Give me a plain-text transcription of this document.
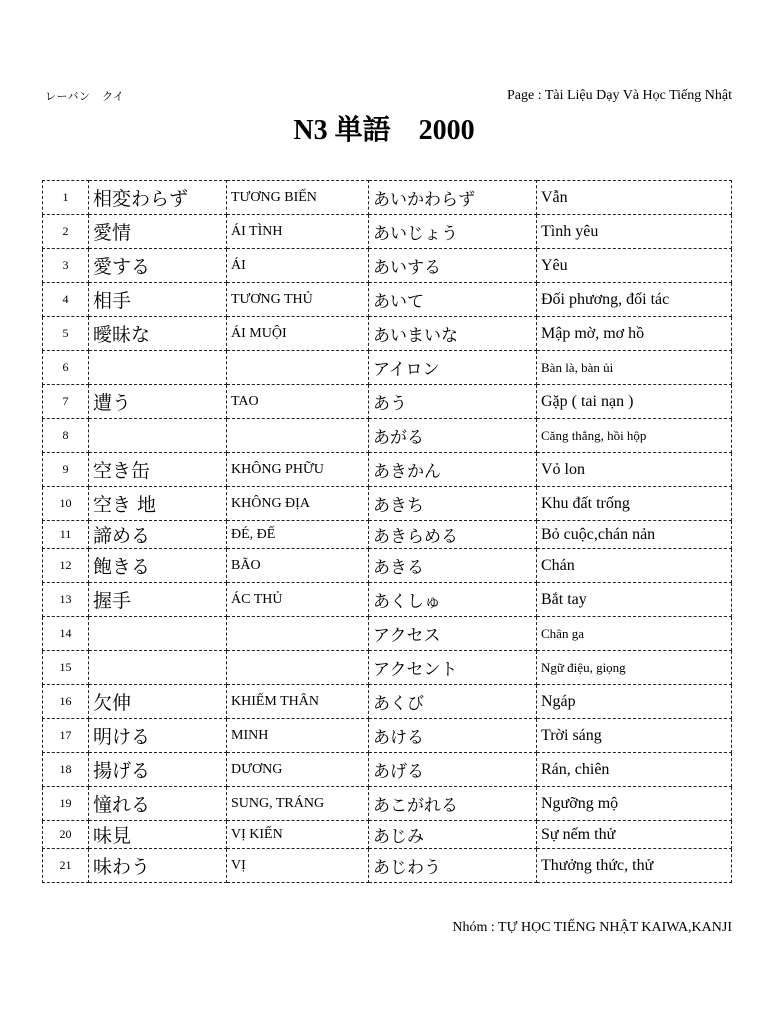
レーバン　クイ	Page : Tài Liệu Dạy Và Học Tiếng Nhật
N3 単語　2000
1	相変わらず	TƯƠNG BIẾN	あいかわらず	Vẫn
2	愛情	ÁI TÌNH	あいじょう	Tình yêu
3	愛する	ÁI	あいする	Yêu
4	相手	TƯƠNG THỦ	あいて	Đối phương, đối tác
5	曖昧な	ÁI MUỘI	あいまいな	Mập mờ, mơ hồ
6			アイロン	Bàn là, bàn ủi
7	遭う	TAO	あう	Gặp ( tai nạn )
8			あがる	Căng thẳng, hồi hộp
9	空き缶	KHÔNG PHỮU	あきかん	Vỏ lon
10	空き 地	KHÔNG ĐỊA	あきち	Khu đất trống
11	諦める	ĐÉ, ĐẾ	あきらめる	Bỏ cuộc,chán nản
12	飽きる	BÃO	あきる	Chán
13	握手	ÁC THỦ	あくしゅ	Bắt tay
14			アクセス	Chân ga
15			アクセント	Ngữ điệu, giọng
16	欠伸	KHIẾM THÂN	あくび	Ngáp
17	明ける	MINH	あける	Trời sáng
18	揚げる	DƯƠNG	あげる	Rán, chiên
19	憧れる	SUNG, TRÁNG	あこがれる	Ngưỡng mộ
20	味見	VỊ KIẾN	あじみ	Sự nếm thử
21	味わう	VỊ	あじわう	Thưởng thức, thử
Nhóm : TỰ HỌC TIẾNG NHẬT KAIWA,KANJI
